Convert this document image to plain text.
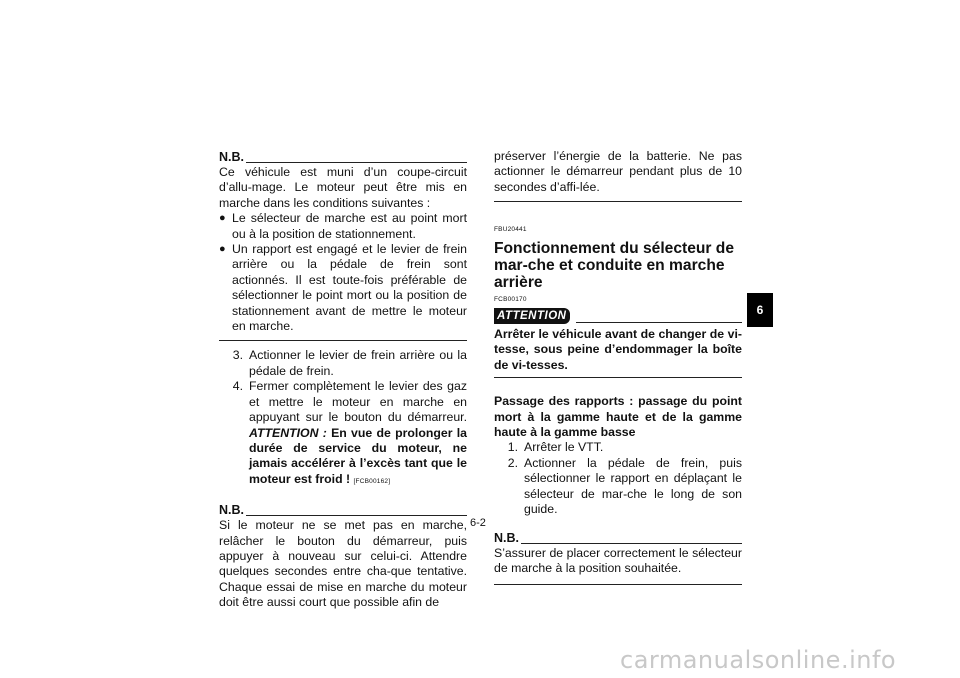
N.B.

Ce véhicule est muni d’un coupe-circuit d’allu-mage. Le moteur peut être mis en marche dans les conditions suivantes :

● Le sélecteur de marche est au point mort ou à la position de stationnement.
● Un rapport est engagé et le levier de frein arrière ou la pédale de frein sont actionnés. Il est toute-fois préférable de sélectionner le point mort ou la position de stationnement avant de mettre le moteur en marche.
3. Actionner le levier de frein arrière ou la pédale de frein.
4. Fermer complètement le levier des gaz et mettre le moteur en marche en appuyant sur le bouton du démarreur. ATTENTION : En vue de prolonger la durée de service du moteur, ne jamais accélérer à l’excès tant que le moteur est froid ! [FCB00162]
N.B.

Si le moteur ne se met pas en marche, relâcher le bouton du démarreur, puis appuyer à nouveau sur celui-ci. Attendre quelques secondes entre cha-que tentative. Chaque essai de mise en marche du moteur doit être aussi court que possible afin de

préserver l’énergie de la batterie. Ne pas actionner le démarreur pendant plus de 10 secondes d’affi-lée.

FBU20441
Fonctionnement du sélecteur de mar-che et conduite en marche arrière
FCB00170
ATTENTION

Arrêter le véhicule avant de changer de vi-tesse, sous peine d’endommager la boîte de vi-tesses.

Passage des rapports : passage du point mort à la gamme haute et de la gamme haute à la gamme basse

1. Arrêter le VTT.
2. Actionner la pédale de frein, puis sélectionner le rapport en déplaçant le sélecteur de mar-che le long de son guide.
N.B.

S’assurer de placer correctement le sélecteur de marche à la position souhaitée.

6
6-2
carmanualsonline.info
